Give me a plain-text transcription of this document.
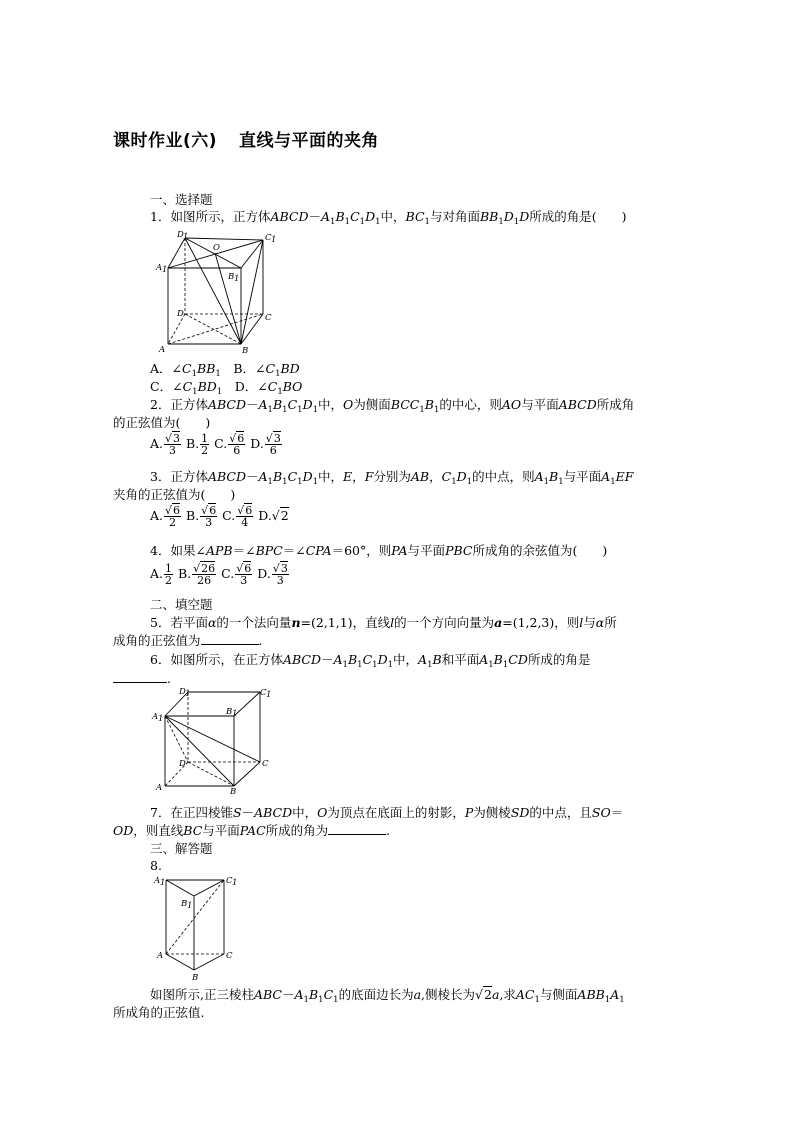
课时作业(六) 直线与平面的夹角
一、选择题
1．如图所示，正方体$ABCD-A_1B_1C_1D_1$中，$BC_1$与对角面$BB_1D_1D$所成的角是(　　)
D 1	C 1
A 1
B 1
O
D	C
A	B
A．$\angle C_1BB_1$　 B．$\angle C_1BD$
C．$\angle C_1BD_1$　 D．$\angle C_1BO$
2．正方体$ABCD-A_1B_1C_1D_1$中，O为侧面$BCC_1B_1$的中心，则AO与平面ABCD所成角
的正弦值为(　　)
A. $\frac{√3}{3} B$. $\frac{1}{2} C$. $\frac{√6}{6} D$. $\frac{√3}{6}$
3．正方体$ABCD-A_1B_1C_1D_1$中，E，F分别为AB，$C_1D_1$的中点，则$A_1B_1$与平面$A_1EF$
夹角的正弦值为(　　)
A. $\frac{√6}{2} B$. $\frac{√6}{3} C$. $\frac{√6}{4} D.√2$
4．如果∠APB＝∠BPC＝∠CPA＝60°，则PA与平面PBC所成角的余弦值为(　　)
A. $\frac{1}{2} B$. $\frac{√26}{26} C$. $\frac{√6}{3} D$. $\frac{√3}{3}$
二、填空题
5．若平面α的一个法向量n=(2,1,1)，直线l的一个方向向量为a=(1,2,3)，则l与α所
成角的正弦值为	.
6．如图所示，在正方体$ABCD-A_1B_1C_1D_1$中，$A_1B$和平面$A_1B_1CD$所成的角是
.
D 1	C 1
A 1
B 1
D	C
A	B
7．在正四棱锥S－ABCD中，O为顶点在底面上的射影，P为侧棱SD的中点，且SO＝
OD，则直线BC与平面PAC所成的角为	.
三、解答题
8.
A 1	C 1
B 1
A	C
B
如图所示,正三棱柱$ABC-A_1B_1C_1$的底面边长为a,侧棱长为√2a,求$AC_1$与侧面$ABB_1A_1$
所成角的正弦值.
